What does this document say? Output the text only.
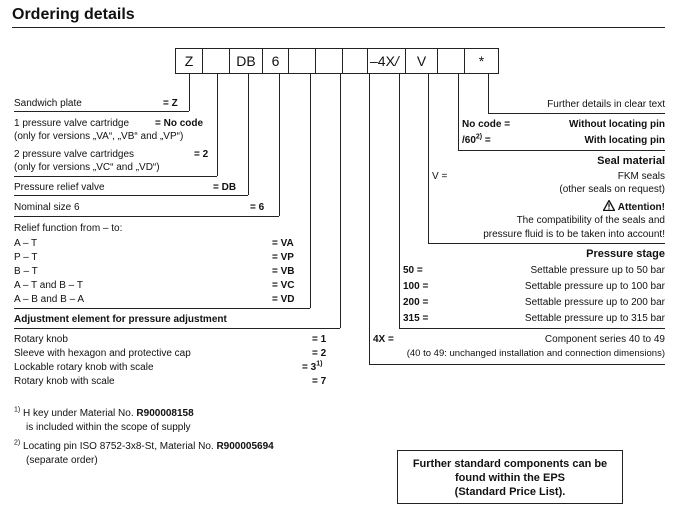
Ordering details
Z	DB	6	–4X /	V	*
Sandwich plate	= Z
1 pressure valve cartridge	= No code
(only for versions „VA“, „VB“ and „VP“)
2 pressure valve cartridges	= 2
(only for versions „VC“ and „VD“)
Pressure relief valve	= DB
Nominal size 6	= 6
Relief function from – to:
A – T	= VA
P – T	= VP
B – T	= VB
A – T and B – T	= VC
A – B and B – A	= VD
Adjustment element for pressure adjustment
Rotary knob	= 1
Sleeve with hexagon and protective cap	= 2
Lockable rotary knob with scale	= $3^{1)}$
Rotary knob with scale	= 7
Further details in clear text
No code =	Without locating pin
$/60^{2)}$ =	With locating pin
Seal material
V =	FKM seals
(other seals on request)
Attention!
The compatibility of the seals and
pressure fluid is to be taken into account!
Pressure stage
50 =	Settable pressure up to 50 bar
100 =	Settable pressure up to 100 bar
200 =	Settable pressure up to 200 bar
315 =	Settable pressure up to 315 bar
4X =	Component series 40 to 49
(40 to 49: unchanged installation and connection dimensions)
$^{1)}$ H key under Material No. R900008158
is included within the scope of supply
$^{2)}$ Locating pin ISO 8752-3x8-St, Material No. R900005694
(separate order)	Further standard components can be
found within the EPS
(Standard Price List).
